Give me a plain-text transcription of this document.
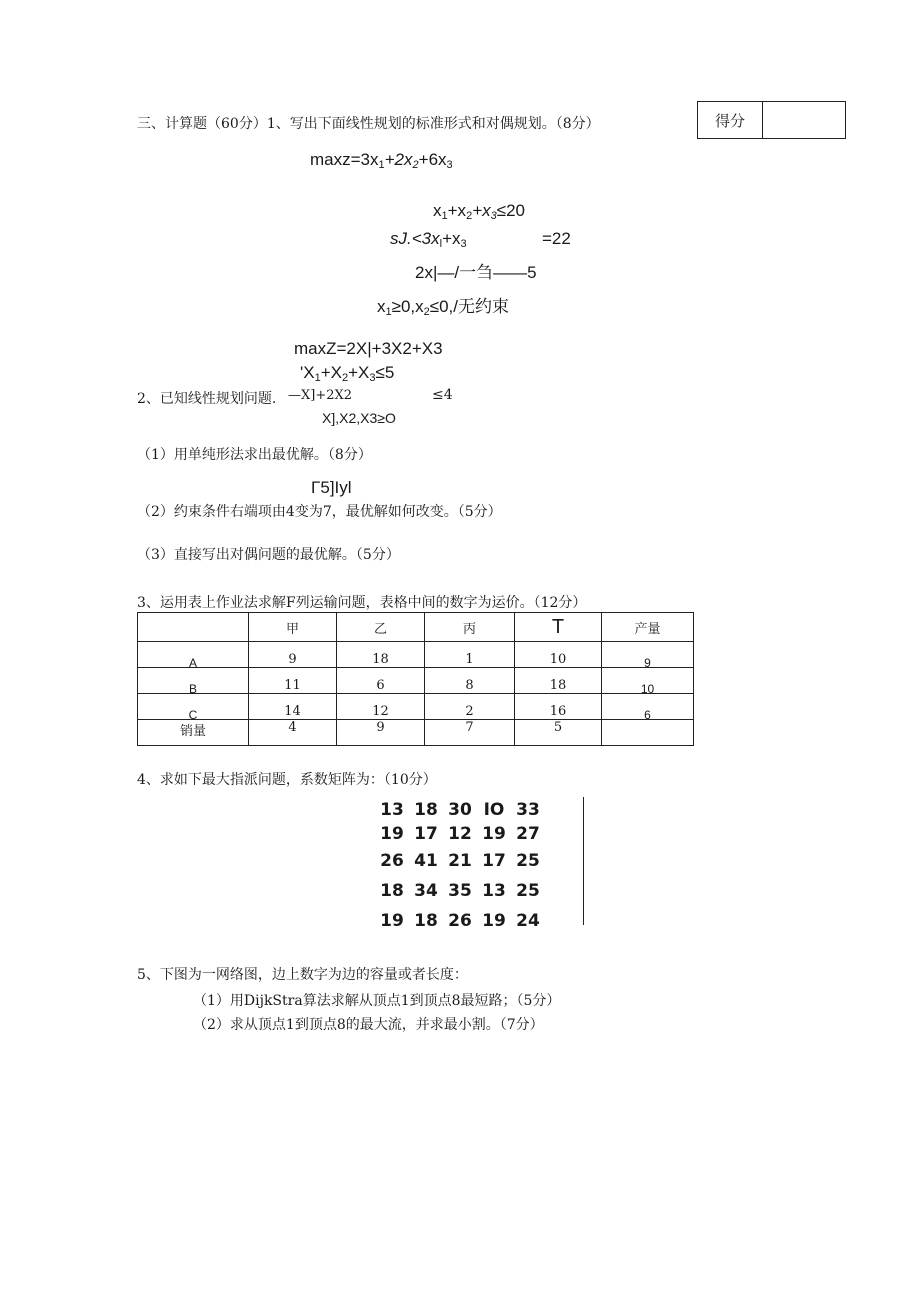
得分
三、计算题（60分）1、写出下面线性规划的标准形式和对偶规划。（8分）
$\max z=3x_1+2x_2+6x_3$
$x_1+x_2+x_3\le 20$
$sJ.<3x_l+x_3$	=22
2x|—/一刍——5
$x_1\ge 0,x_2\le 0,/$无约束
maxZ=2X|+3X2+X3
'$X_1+X_2+X_3\le 5$
2、已知线性规划问题. —X]+2X2	≤4
X],X2,X3≥O
（1）用单纯形法求出最优解。（8分）
Γ5]Iyl
（2）约束条件右端项由4变为7，最优解如何改变。（5分）
（3）直接写出对偶问题的最优解。（5分）
3、运用表上作业法求解F列运输问题，表格中间的数字为运价。（12分）
	甲	乙	丙	T	产量
A	9	18	1	10	9
B	11	6	8	18	10
C	14	12	2	16	6
销量	4	9	7	5	
4、求如下最大指派问题，系数矩阵为：（10分）
13 18 30 IO 33
19 17 12 19 27
26 41 21 17 25
18 34 35 13 25
19 18 26 19 24
5、下图为一网络图，边上数字为边的容量或者长度：
（1）用DijkStra算法求解从顶点1到顶点8最短路；（5分）
（2）求从顶点1到顶点8的最大流，并求最小割。（7分）
